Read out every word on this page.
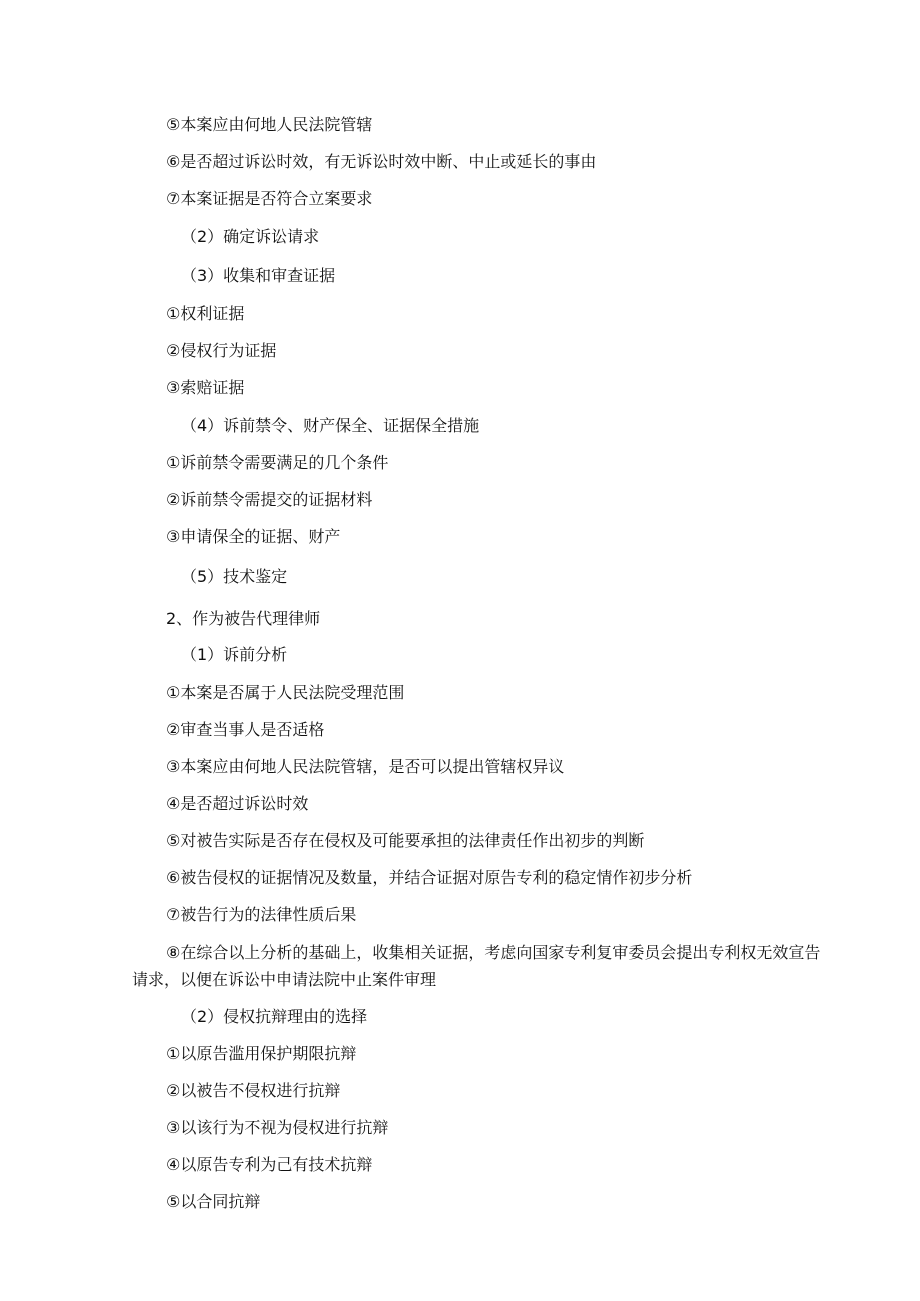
⑤本案应由何地人民法院管辖
⑥是否超过诉讼时效，有无诉讼时效中断、中止或延长的事由
⑦本案证据是否符合立案要求
（2）确定诉讼请求
（3）收集和审查证据
①权利证据
②侵权行为证据
③索赔证据
（4）诉前禁令、财产保全、证据保全措施
①诉前禁令需要满足的几个条件
②诉前禁令需提交的证据材料
③申请保全的证据、财产
（5）技术鉴定
2、作为被告代理律师
（1）诉前分析
①本案是否属于人民法院受理范围
②审查当事人是否适格
③本案应由何地人民法院管辖，是否可以提出管辖权异议
④是否超过诉讼时效
⑤对被告实际是否存在侵权及可能要承担的法律责任作出初步的判断
⑥被告侵权的证据情况及数量，并结合证据对原告专利的稳定情作初步分析
⑦被告行为的法律性质后果
⑧在综合以上分析的基础上，收集相关证据，考虑向国家专利复审委员会提出专利权无效宣告请求，以便在诉讼中申请法院中止案件审理
（2）侵权抗辩理由的选择
①以原告滥用保护期限抗辩
②以被告不侵权进行抗辩
③以该行为不视为侵权进行抗辩
④以原告专利为己有技术抗辩
⑤以合同抗辩
